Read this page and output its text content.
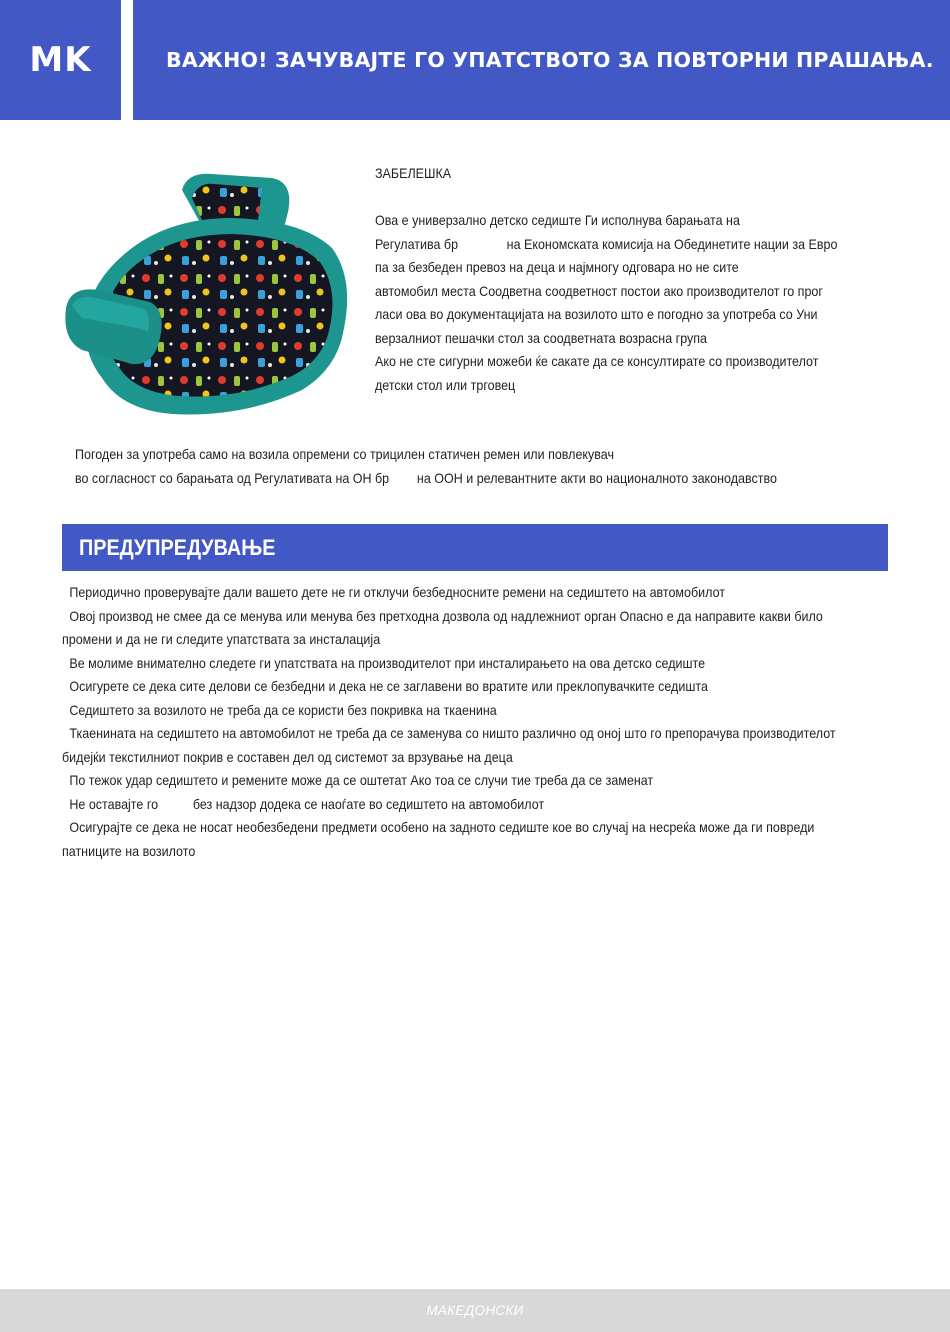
MK	ВАЖНО! ЗАЧУВАЈТЕ ГО УПАТСТВОТО ЗА ПОВТОРНИ ПРАШАЊА.
ЗАБЕЛЕШКА
Ова е универзално детско седиште Ги исполнува барањата на
Регулатива бр              на Економската комисија на Обединетите нации за Евро
па за безбеден превоз на деца и најмногу одговара но не сите
автомобил места Соодветна соодветност постои ако производителот го прог
ласи ова во документацијата на возилото што е погодно за употреба со Уни
верзалниот пешачки стол за соодветната возрасна група
Ако не сте сигурни можеби ќе сакате да се консултирате со производителот
детски стол или трговец
Погоден за употреба само на возила опремени со трицилен статичен ремен или повлекувач
во согласност со барањата од Регулативата на ОН бр        на ООН и релевантните акти во националното законодавство
ПРЕДУПРЕДУВАЊЕ

Периодично проверувајте дали вашето дете не ги отклучи безбедносните ремени на седиштето на автомобилот

Овој производ не смее да се менува или менува без претходна дозвола од надлежниот орган Опасно е да направите какви било

промени и да не ги следите упатствата за инсталација

Ве молиме внимателно следете ги упатствата на производителот при инсталирањето на ова детско седиште

Осигурете се дека сите делови се безбедни и дека не се заглавени во вратите или преклопувачките седишта

Седиштето за возилото не треба да се користи без покривка на ткаенина

Ткаенината на седиштето на автомобилот не треба да се заменува со ништо различно од оној што го препорачува производителот

бидејќи текстилниот покрив е составен дел од системот за врзување на деца

По тежок удар седиштето и ремените може да се оштетат Ако тоа се случи тие треба да се заменат

Не оставајте го          без надзор додека се наоѓате во седиштето на автомобилот

Осигурајте се дека не носат необезбедени предмети особено на задното седиште кое во случај на несреќа може да ги повреди

патниците на возилото

МАКЕДОНСКИ
